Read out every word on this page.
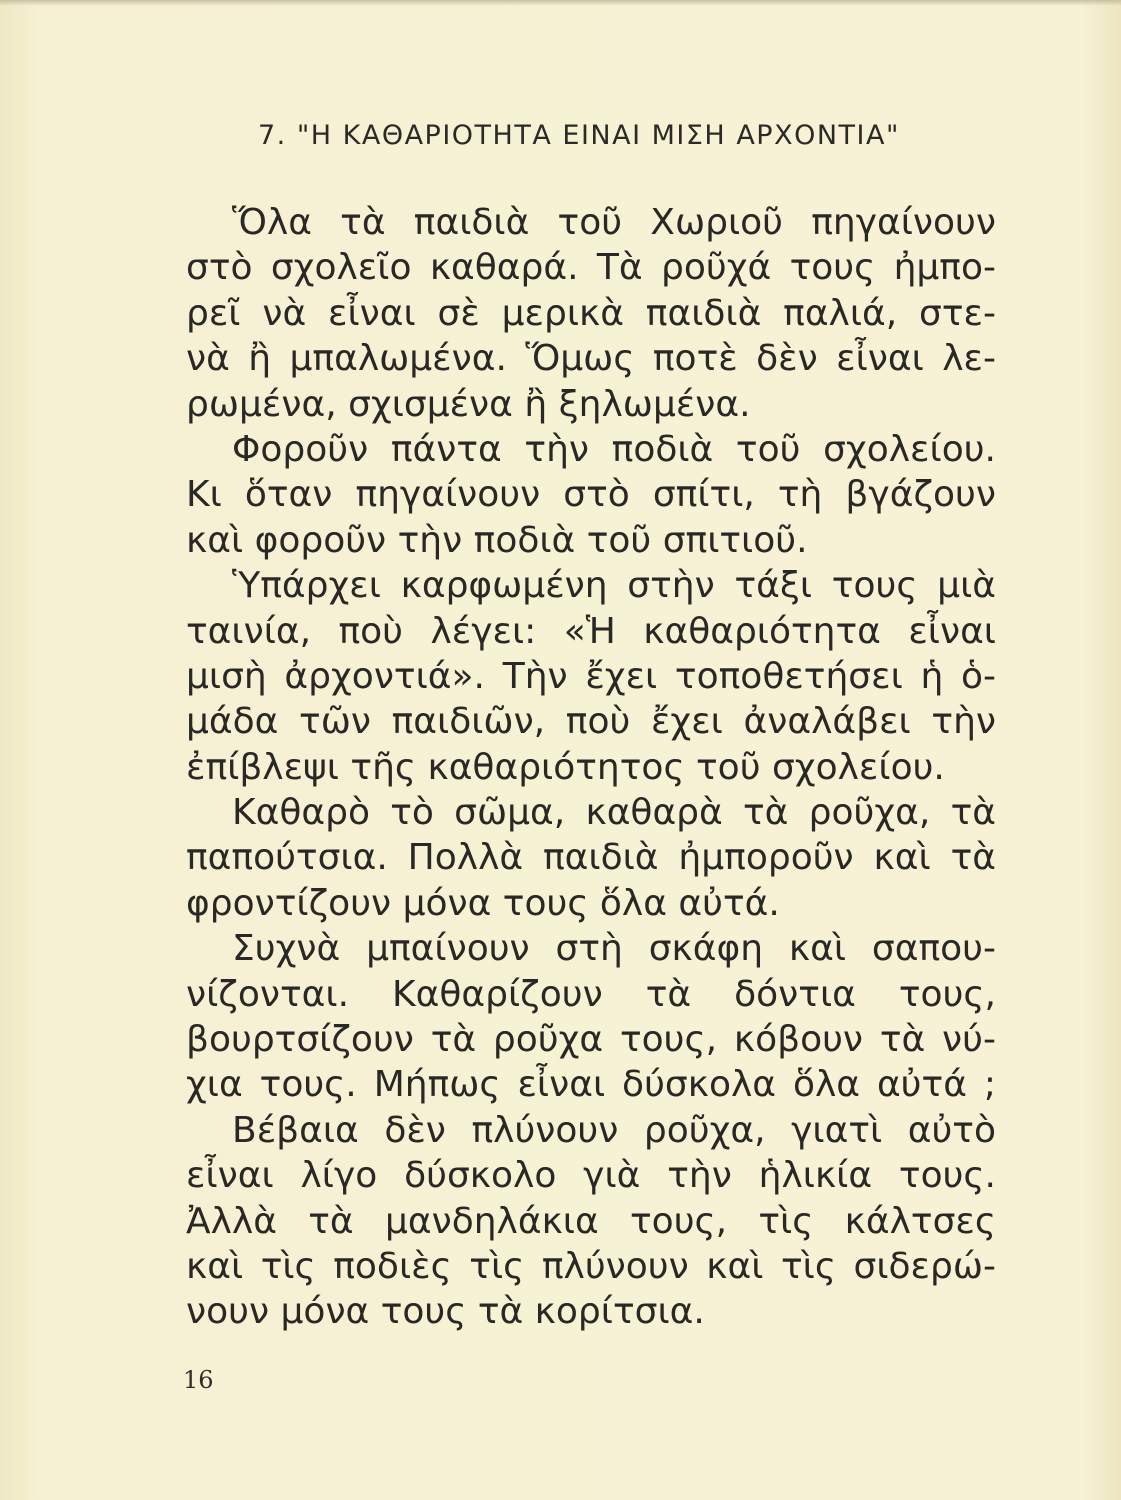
7. "Η ΚΑΘΑΡΙΟΤΗΤΑ ΕΙΝΑΙ ΜΙΣΗ ΑΡΧΟΝΤΙΑ"
Ὅλα τὰ παιδιὰ τοῦ Χωριοῦ πηγαίνουν
στὸ σχολεῖο καθαρά. Τὰ ροῦχά τους ἠμπο-
ρεῖ νὰ εἶναι σὲ μερικὰ παιδιὰ παλιά, στε-
νὰ ἢ μπαλωμένα. Ὅμως ποτὲ δὲν εἶναι λε-
ρωμένα, σχισμένα ἢ ξηλωμένα.
Φοροῦν πάντα τὴν ποδιὰ τοῦ σχολείου.
Κι ὅταν πηγαίνουν στὸ σπίτι, τὴ βγάζουν
καὶ φοροῦν τὴν ποδιὰ τοῦ σπιτιοῦ.
Ὑπάρχει καρφωμένη στὴν τάξι τους μιὰ
ταινία, ποὺ λέγει: «Ἡ καθαριότητα εἶναι
μισὴ ἀρχοντιά». Τὴν ἔχει τοποθετήσει ἡ ὁ-
μάδα τῶν παιδιῶν, ποὺ ἔχει ἀναλάβει τὴν
ἐπίβλεψι τῆς καθαριότητος τοῦ σχολείου.
Καθαρὸ τὸ σῶμα, καθαρὰ τὰ ροῦχα, τὰ
παπούτσια. Πολλὰ παιδιὰ ἠμποροῦν καὶ τὰ
φροντίζουν μόνα τους ὅλα αὐτά.
Συχνὰ μπαίνουν στὴ σκάφη καὶ σαπου-
νίζονται. Καθαρίζουν τὰ δόντια τους,
βουρτσίζουν τὰ ροῦχα τους, κόβουν τὰ νύ-
χια τους. Μήπως εἶναι δύσκολα ὅλα αὐτά ;
Βέβαια δὲν πλύνουν ροῦχα, γιατὶ αὐτὸ
εἶναι λίγο δύσκολο γιὰ τὴν ἡλικία τους.
Ἀλλὰ τὰ μανδηλάκια τους, τὶς κάλτσες
καὶ τὶς ποδιὲς τὶς πλύνουν καὶ τὶς σιδερώ-
νουν μόνα τους τὰ κορίτσια.
16
